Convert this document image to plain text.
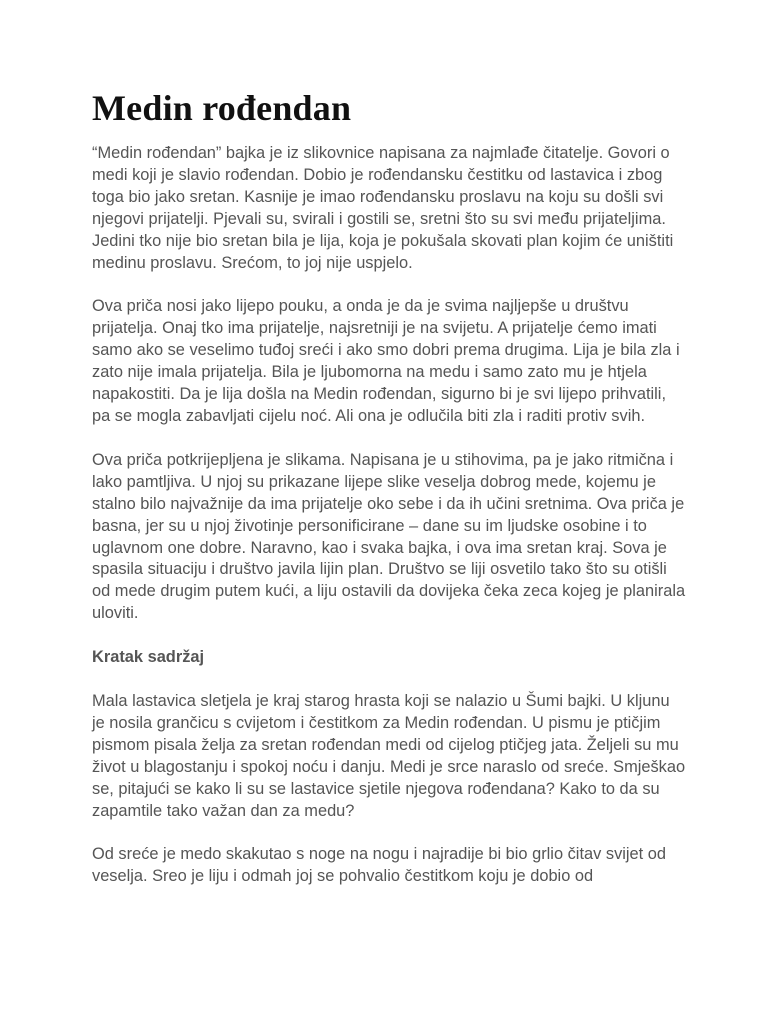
Medin rođendan

“Medin rođendan” bajka je iz slikovnice napisana za najmlađe čitatelje. Govori o medi koji je slavio rođendan. Dobio je rođendansku čestitku od lastavica i zbog toga bio jako sretan. Kasnije je imao rođendansku proslavu na koju su došli svi njegovi prijatelji. Pjevali su, svirali i gostili se, sretni što su svi među prijateljima. Jedini tko nije bio sretan bila je lija, koja je pokušala skovati plan kojim će uništiti medinu proslavu. Srećom, to joj nije uspjelo.

Ova priča nosi jako lijepo pouku, a onda je da je svima najljepše u društvu prijatelja. Onaj tko ima prijatelje, najsretniji je na svijetu. A prijatelje ćemo imati samo ako se veselimo tuđoj sreći i ako smo dobri prema drugima. Lija je bila zla i zato nije imala prijatelja. Bila je ljubomorna na medu i samo zato mu je htjela napakostiti. Da je lija došla na Medin rođendan, sigurno bi je svi lijepo prihvatili, pa se mogla zabavljati cijelu noć. Ali ona je odlučila biti zla i raditi protiv svih.

Ova priča potkrijepljena je slikama. Napisana je u stihovima, pa je jako ritmična i lako pamtljiva. U njoj su prikazane lijepe slike veselja dobrog mede, kojemu je stalno bilo najvažnije da ima prijatelje oko sebe i da ih učini sretnima. Ova priča je basna, jer su u njoj životinje personificirane – dane su im ljudske osobine i to uglavnom one dobre. Naravno, kao i svaka bajka, i ova ima sretan kraj. Sova je spasila situaciju i društvo javila lijin plan. Društvo se liji osvetilo tako što su otišli od mede drugim putem kući, a liju ostavili da dovijeka čeka zeca kojeg je planirala uloviti.

Kratak sadržaj

Mala lastavica sletjela je kraj starog hrasta koji se nalazio u Šumi bajki. U kljunu je nosila grančicu s cvijetom i čestitkom za Medin rođendan. U pismu je ptičjim pismom pisala želja za sretan rođendan medi od cijelog ptičjeg jata. Željeli su mu život u blagostanju i spokoj noću i danju. Medi je srce naraslo od sreće. Smješkao se, pitajući se kako li su se lastavice sjetile njegova rođendana? Kako to da su zapamtile tako važan dan za medu?

Od sreće je medo skakutao s noge na nogu i najradije bi bio grlio čitav svijet od veselja. Sreo je liju i odmah joj se pohvalio čestitkom koju je dobio od
